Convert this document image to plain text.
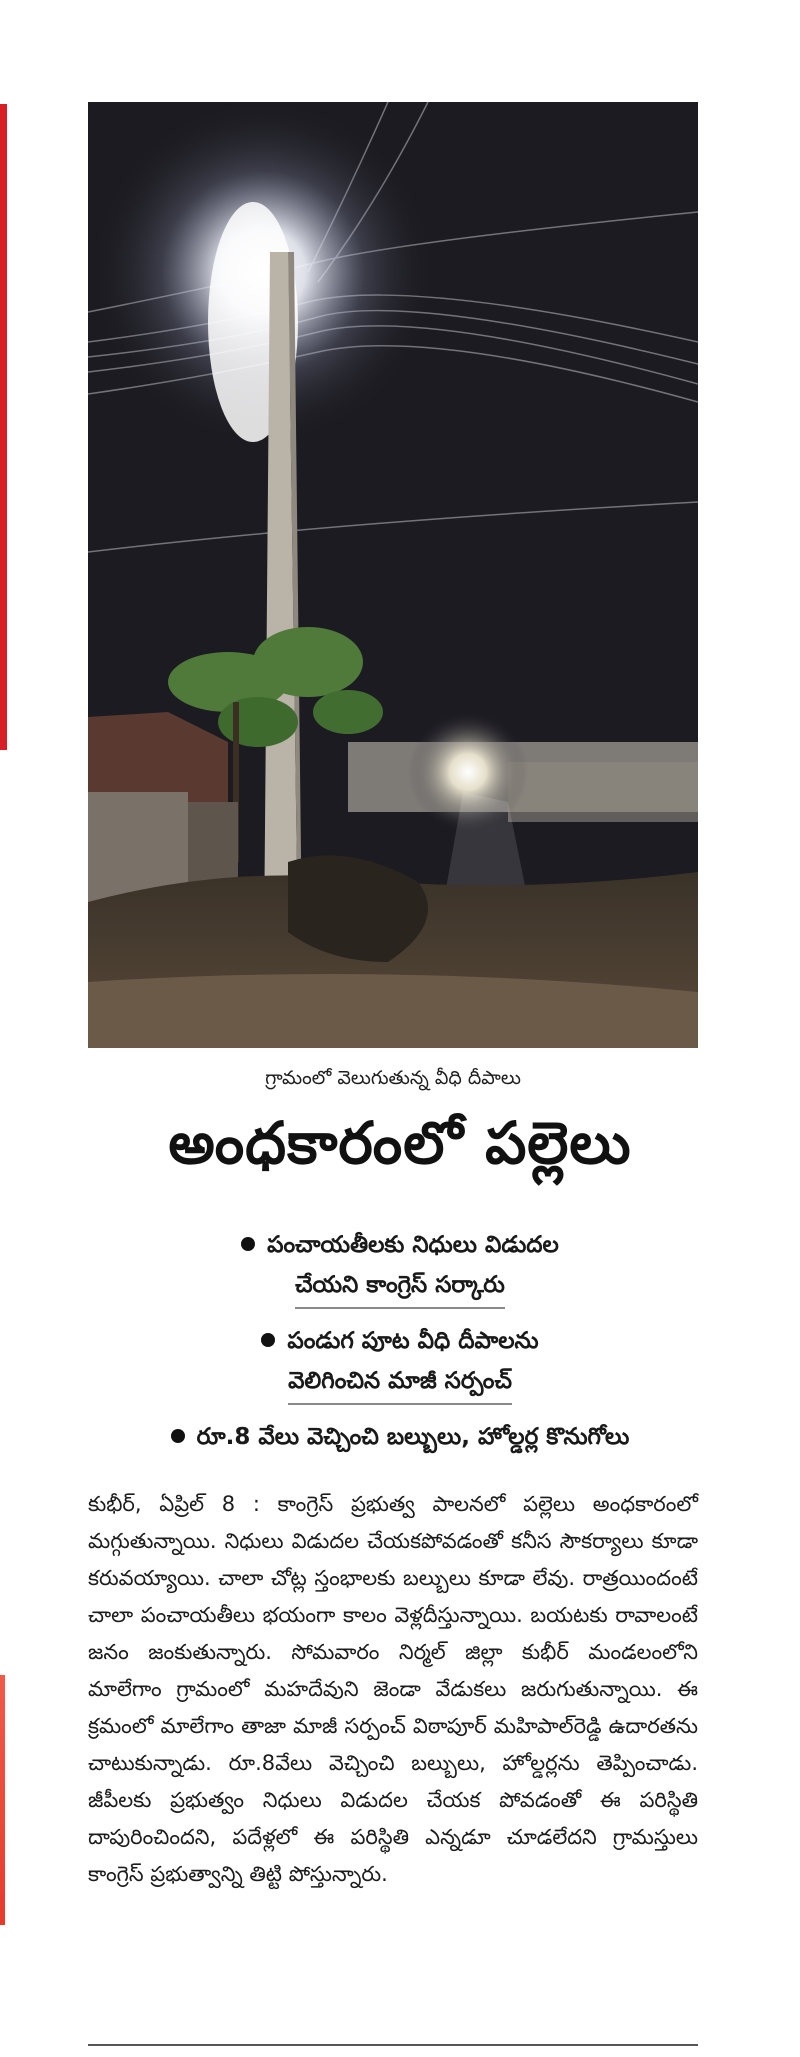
గ్రామంలో వెలుగుతున్న వీధి దీపాలు
అంధకారంలో పల్లెలు
పంచాయతీలకు నిధులు విడుదల
చేయని కాంగ్రెస్ సర్కారు
పండుగ పూట వీధి దీపాలను
వెలిగించిన మాజీ సర్పంచ్
రూ.8 వేలు వెచ్చించి బల్బులు, హోల్డర్ల కొనుగోలు

కుభీర్, ఏప్రిల్ 8 : కాంగ్రెస్ ప్రభుత్వ పాలనలో పల్లెలు అంధకారంలో మగ్గుతున్నాయి. నిధులు విడుదల చేయకపోవడంతో కనీస సౌకర్యాలు కూడా కరువయ్యాయి. చాలా చోట్ల స్తంభాలకు బల్బులు కూడా లేవు. రాత్రయిందంటే చాలా పంచాయతీలు భయంగా కాలం వెళ్లదీస్తున్నాయి. బయటకు రావాలంటే జనం జంకుతున్నారు. సోమవారం నిర్మల్ జిల్లా కుభీర్ మండలంలోని మాలేగాం గ్రామంలో మహదేవుని జెండా వేడుకలు జరుగుతున్నాయి. ఈ క్రమంలో మాలేగాం తాజా మాజీ సర్పంచ్ విఠాపూర్ మహిపాల్‌రెడ్డి ఉదారతను చాటుకున్నాడు. రూ.8వేలు వెచ్చించి బల్బులు, హోల్డర్లను తెప్పించాడు. జీపీలకు ప్రభుత్వం నిధులు విడుదల చేయక పోవడంతో ఈ పరిస్థితి దాపురించిందని, పదేళ్లలో ఈ పరిస్థితి ఎన్నడూ చూడలేదని గ్రామస్తులు కాంగ్రెస్ ప్రభుత్వాన్ని తిట్టి పోస్తున్నారు.
